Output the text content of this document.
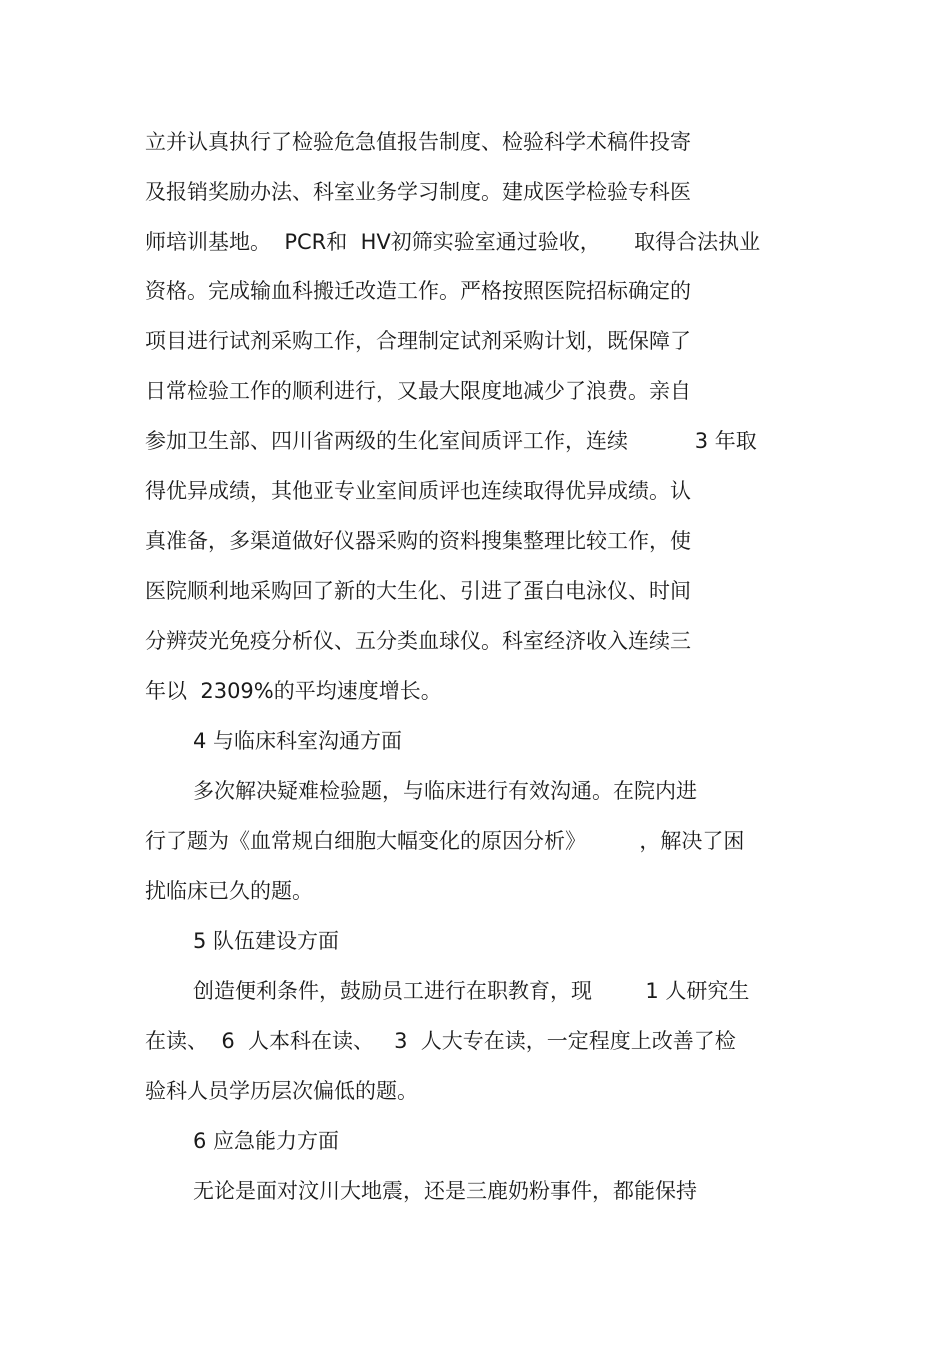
立并认真执行了检验危急值报告制度、检验科学术稿件投寄
及报销奖励办法、科室业务学习制度。建成医学检验专科医
师培训基地。  PCR和  HV初筛实验室通过验收，     取得合法执业
资格。完成输血科搬迁改造工作。严格按照医院招标确定的
项目进行试剂采购工作，合理制定试剂采购计划，既保障了
日常检验工作的顺利进行，又最大限度地减少了浪费。亲自
参加卫生部、四川省两级的生化室间质评工作，连续          3 年取
得优异成绩，其他亚专业室间质评也连续取得优异成绩。认
真准备，多渠道做好仪器采购的资料搜集整理比较工作，使
医院顺利地采购回了新的大生化、引进了蛋白电泳仪、时间
分辨荧光免疫分析仪、五分类血球仪。科室经济收入连续三
年以  2309%的平均速度增长。
4 与临床科室沟通方面
多次解决疑难检验题，与临床进行有效沟通。在院内进
行了题为《血常规白细胞大幅变化的原因分析》        ，解决了困
扰临床已久的题。
5 队伍建设方面
创造便利条件，鼓励员工进行在职教育，现        1 人研究生
在读、  6  人本科在读、   3  人大专在读，一定程度上改善了检
验科人员学历层次偏低的题。
6 应急能力方面
无论是面对汶川大地震，还是三鹿奶粉事件，都能保持
